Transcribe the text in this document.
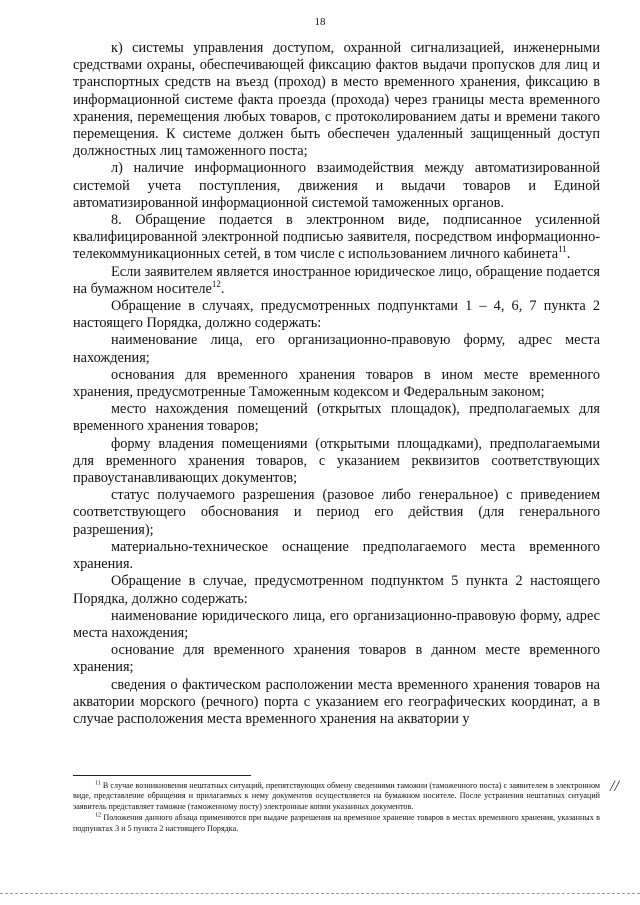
18

к) системы управления доступом, охранной сигнализацией, инженерными средствами охраны, обеспечивающей фиксацию фактов выдачи пропусков для лиц и транспортных средств на въезд (проход) в место временного хранения, фиксацию в информационной системе факта проезда (прохода) через границы места временного хранения, перемещения любых товаров, с протоколированием даты и времени такого перемещения. К системе должен быть обеспечен удаленный защищенный доступ должностных лиц таможенного поста;

л) наличие информационного взаимодействия между автоматизированной системой учета поступления, движения и выдачи товаров и Единой автоматизированной информационной системой таможенных органов.

8. Обращение подается в электронном виде, подписанное усиленной квалифицированной электронной подписью заявителя, посредством информационно-телекоммуникационных сетей, в том числе с использованием личного кабинета$^{11}$.

Если заявителем является иностранное юридическое лицо, обращение подается на бумажном носителе$^{12}$.

Обращение в случаях, предусмотренных подпунктами 1 – 4, 6, 7 пункта 2 настоящего Порядка, должно содержать:

наименование лица, его организационно-правовую форму, адрес места нахождения;

основания для временного хранения товаров в ином месте временного хранения, предусмотренные Таможенным кодексом и Федеральным законом;

место нахождения помещений (открытых площадок), предполагаемых для временного хранения товаров;

форму владения помещениями (открытыми площадками), предполагаемыми для временного хранения товаров, с указанием реквизитов соответствующих правоустанавливающих документов;

статус получаемого разрешения (разовое либо генеральное) с приведением соответствующего обоснования и период его действия (для генерального разрешения);

материально-техническое оснащение предполагаемого места временного хранения.

Обращение в случае, предусмотренном подпунктом 5 пункта 2 настоящего Порядка, должно содержать:

наименование юридического лица, его организационно-правовую форму, адрес места нахождения;

основание для временного хранения товаров в данном месте временного хранения;

сведения о фактическом расположении места временного хранения товаров на акватории морского (речного) порта с указанием его географических координат, а в случае расположения места временного хранения на акватории у

$^{11}$ В случае возникновения нештатных ситуаций, препятствующих обмену сведениями таможни (таможенного поста) с заявителем в электронном виде, представление обращения и прилагаемых к нему документов осуществляется на бумажном носителе. После устранения нештатных ситуаций заявитель представляет таможне (таможенному посту) электронные копии указанных документов.

$^{12}$ Положения данного абзаца применяются при выдаче разрешения на временное хранение товаров в местах временного хранения, указанных в подпунктах 3 и 5 пункта 2 настоящего Порядка.

//
